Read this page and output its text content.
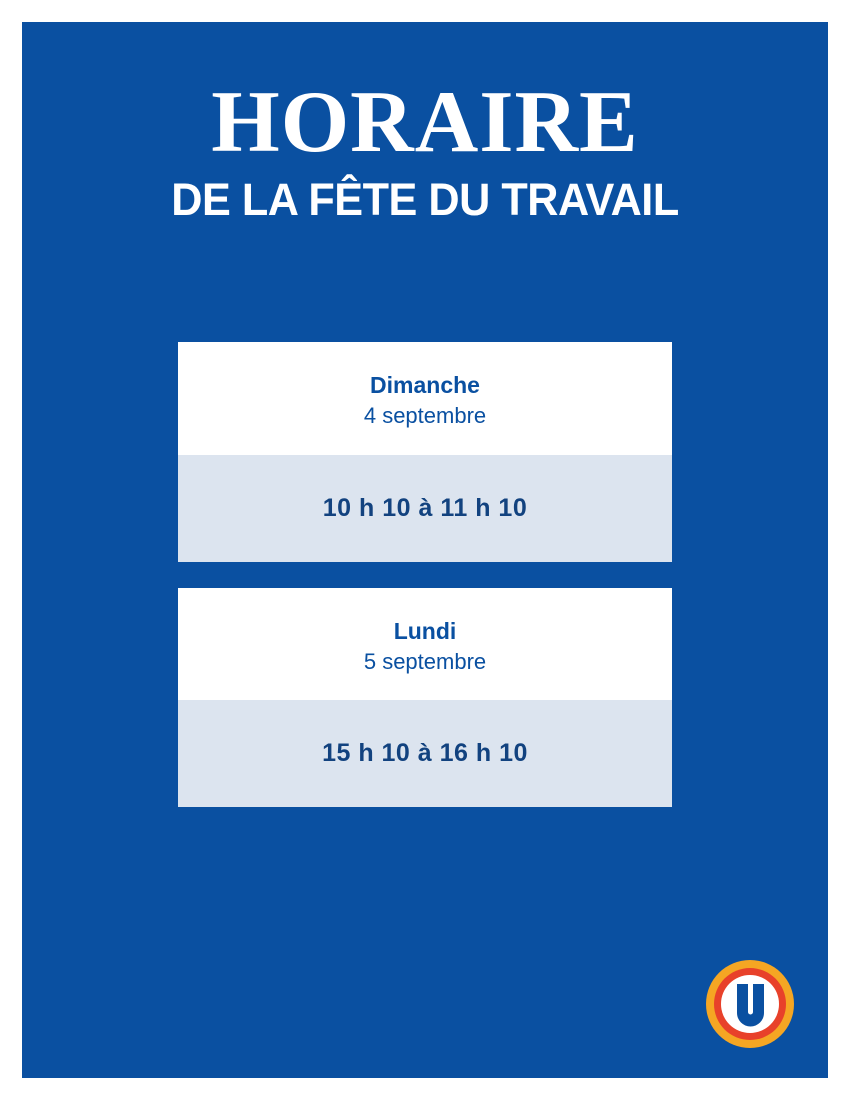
HORAIRE
DE LA FÊTE DU TRAVAIL
Dimanche
4 septembre
10 h 10 à 11 h 10
Lundi
5 septembre
15 h 10 à 16 h 10
